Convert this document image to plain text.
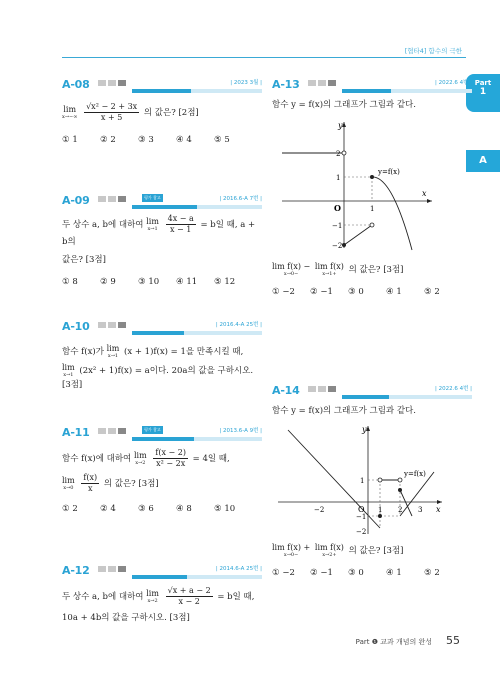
[협타4] 함수의 극한
Part
1
A
A-08	| 2023 3월 |
lim
x→−∞
$\frac{\text{√x² − 2 + 3x}}{x + 5}$ 의 값은? [2점]
① 1	② 2	③ 3	④ 4	⑤ 5
A-09	평가 참고	| 2016.6-A 7번 |
두 상수 a, b에 대하여 lim
x→1
$\frac{4x - a}{x - 1} = b$일 때, a + b의
값은? [3점]
① 8	② 9	③ 10	④ 11	⑤ 12
A-10	| 2016.4-A 25번 |
함수 f(x)가 lim
x→1 (x + 1)f(x) = 1을 만족시킬 때,
lim
x→1 (2x² + 1)f(x) = a이다. 20a의 값을 구하시오. [3점]
A-11	평가 참고	| 2013.6-A 9번 |
함수 f(x)에 대하여 lim
x→2
$\frac{f(x - 2)}{\text{x² − 2x}} = 4$일 때,
lim
x→0
$\frac{f(x)}{x}$ 의 값은? [3점]
① 2	② 4	③ 6	④ 8	⑤ 10
A-12	| 2014.6-A 25번 |
두 상수 a, b에 대하여 lim
x→2
$\frac{√x + a - 2}{x - 2} = b$일 때,
10a + 4b의 값을 구하시오. [3점]
A-13	| 2022.6 4번 |
함수 y = f(x)의 그래프가 그림과 같다.
y
x
O	1
2
1
−1
−2
y=f(x)
lim f(x) −
x→0−

lim f(x)
x→1+	의 값은? [3점]
① −2	② −1	③ 0	④ 1	⑤ 2
A-14	| 2022.6 4번 |
함수 y = f(x)의 그래프가 그림과 같다.
y
x
O
−2	1 2 3
1
−1
−2
y=f(x)
lim f(x) +
x→0−

lim f(x)
x→2+	의 값은? [3점]
① −2	② −1	③ 0	④ 1	⑤ 2
Part ❶ 교과 개념의 완성 55
